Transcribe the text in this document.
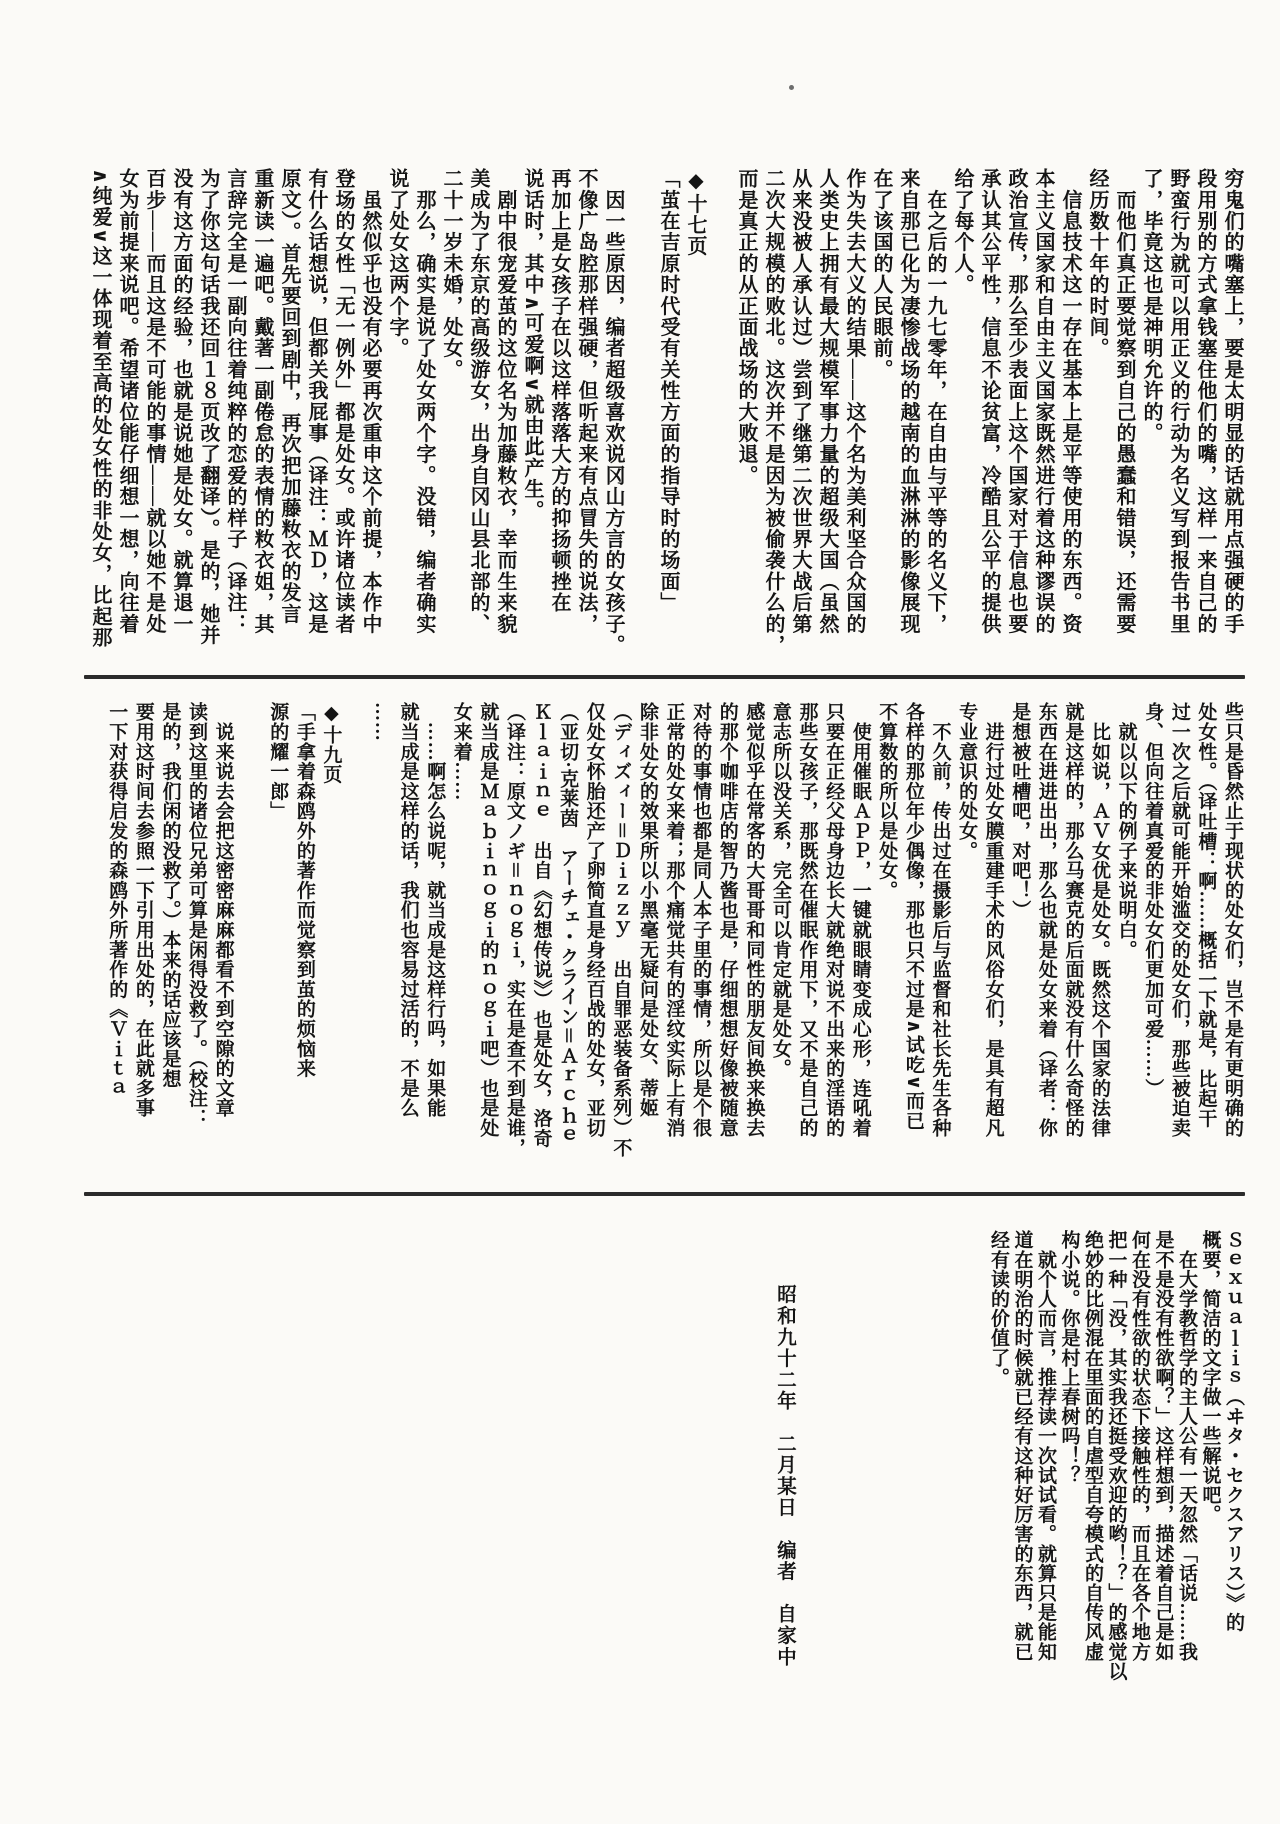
穷鬼们的嘴塞上，要是太明显的话就用点强硬的手
段用别的方式拿钱塞住他们的嘴，这样一来自己的
野蛮行为就可以用正义的行动为名义写到报告书里
了，毕竟这也是神明允许的。
　而他们真正要觉察到自己的愚蠢和错误，还需要
经历数十年的时间。
　信息技术这一存在基本上是平等使用的东西。资
本主义国家和自由主义国家既然进行着这种谬误的
政治宣传，那么至少表面上这个国家对于信息也要
承认其公平性，信息不论贫富，冷酷且公平的提供
给了每个人。
　在之后的一九七零年，在自由与平等的名义下，
来自那已化为凄惨战场的越南的血淋淋的影像展现
在了该国的人民眼前。
作为失去大义的结果——这个名为美利坚合众国的
人类史上拥有最大规模军事力量的超级大国（虽然
从来没被人承认过）尝到了继第二次世界大战后第
二次大规模的败北。这次并不是因为被偷袭什么的，
而是真正的从正面战场的大败退。
◆十七页
「茧在吉原时代受有关性方面的指导时的场面」
　因一些原因，编者超级喜欢说冈山方言的女孩子。
不像广岛腔那样强硬，但听起来有点冒失的说法，
再加上是女孩子在以这样落落大方的抑扬顿挫在
说话时，其中∧可爱啊∨就由此产生。
　剧中很宠爱茧的这位名为加藤籹衣，幸而生来貌
美成为了东京的高级游女，出身自冈山县北部的、
二十一岁未婚，处女。
　那么，确实是说了处女两个字。没错，编者确实
说了处女这两个字。
　虽然似乎也没有必要再次重申这个前提，本作中
登场的女性「无一例外」都是处女。或许诸位读者
有什么话想说，但都关我屁事（译注：ＭＤ，这是
原文）。首先要回到剧中，再次把加藤籹衣的发言
重新读一遍吧。戴著一副倦怠的表情的籹衣姐，其
言辞完全是一副向往着纯粹的恋爱的样子（译注：
为了你这句话我还回１８页改了翻译）。是的，她并
没有这方面的经验，也就是说她是处女。就算退一
百步——而且这是不可能的事情——就以她不是处
女为前提来说吧。希望诸位能仔细想一想，向往着
∧纯爱∨这一体现着至高的处女性的非处女，比起那
些只是昏然止于现状的处女们，岂不是有更明确的
处女性。（译吐槽：啊……概括一下就是，比起干
过一次之后就可能开始滥交的处女们，那些被迫卖
身、但向往着真爱的非处女们更加可爱……）
　就以以下的例子来说明白。
　比如说，ＡＶ女优是处女。既然这个国家的法律
就是这样的，那么马赛克的后面就没有什么奇怪的
东西在进进出出，那么也就是处女来着（译者：你
是想被吐槽吧，对吧！）
　进行过处女膜重建手术的风俗女们，是具有超凡
专业意识的处女。
　不久前，传出过在摄影后与监督和社长先生各种
各样的那位年少偶像，那也只不过是∧试吃∨而已
不算数的所以是处女。
　使用催眠ＡＰＰ，一键就眼睛变成心形，连吼着
只要在正经父母身边长大就绝对说不出来的淫语的
那些女孩子，那既然在催眠作用下，又不是自己的
意志所以没关系，完全可以肯定就是处女。
感觉似乎在常客的大哥哥和同性的朋友间换来换去
的那个咖啡店的智乃酱也是，仔细想想好像被随意
对待的事情也都是同人本子里的事情，所以是个很
正常的处女来着；那个痛觉共有的淫纹实际上有消
除非处女的效果所以小黑毫无疑问是处女、蒂姬
（ディズィー＝Ｄｉｚｚｙ　出自罪恶装备系列）不
仅处女怀胎还产了卵简直是身经百战的处女，亚切
（亚切·克莱茵　アーチェ・クライン＝Ａｒｃｈｅ
Ｋｌａｉｎｅ　出自《幻想传说》）也是处女，洛奇
（译注：原文ノギ＝ｎｏｇｉ，实在是查不到是谁，
就当成是Ｍａｂｉｎｏｇｉ的ｎｏｇｉ吧）也是处
女来着……
　……啊怎么说呢，就当成是这样行吗，如果能
就当成是这样的话，我们也容易过活的，不是么
……
◆十九页
「手拿着森鸥外的著作而觉察到茧的烦恼来
源的耀一郎」
　说来说去会把这密密麻麻都看不到空隙的文章
读到这里的诸位兄弟可算是闲得没救了。（校注：
是的，我们闲的没救了。）本来的话应该是想
要用这时间去参照一下引用出处的，在此就多事
一下对获得启发的森鸥外所著作的《Ｖｉｔａ
Ｓｅｘｕａｌｉｓ（ヰタ・セクスアリス）》的
概要，简洁的文字做一些解说吧。
　在大学教哲学的主人公有一天忽然「话说……我
是不是没有性欲啊？」这样想到，描述着自己是如
何在没有性欲的状态下接触性的，而且在各个地方
把一种「没，其实我还挺受欢迎的哟！？」的感觉以
绝妙的比例混在里面的自虐型自夸模式的自传风虚
构小说。你是村上春树吗！？
　就个人而言，推荐读一次试试看。就算只是能知
道在明治的时候就已经有这种好厉害的东西，就已
经有读的价值了。
昭和九十二年　二月某日　编者　自家中
